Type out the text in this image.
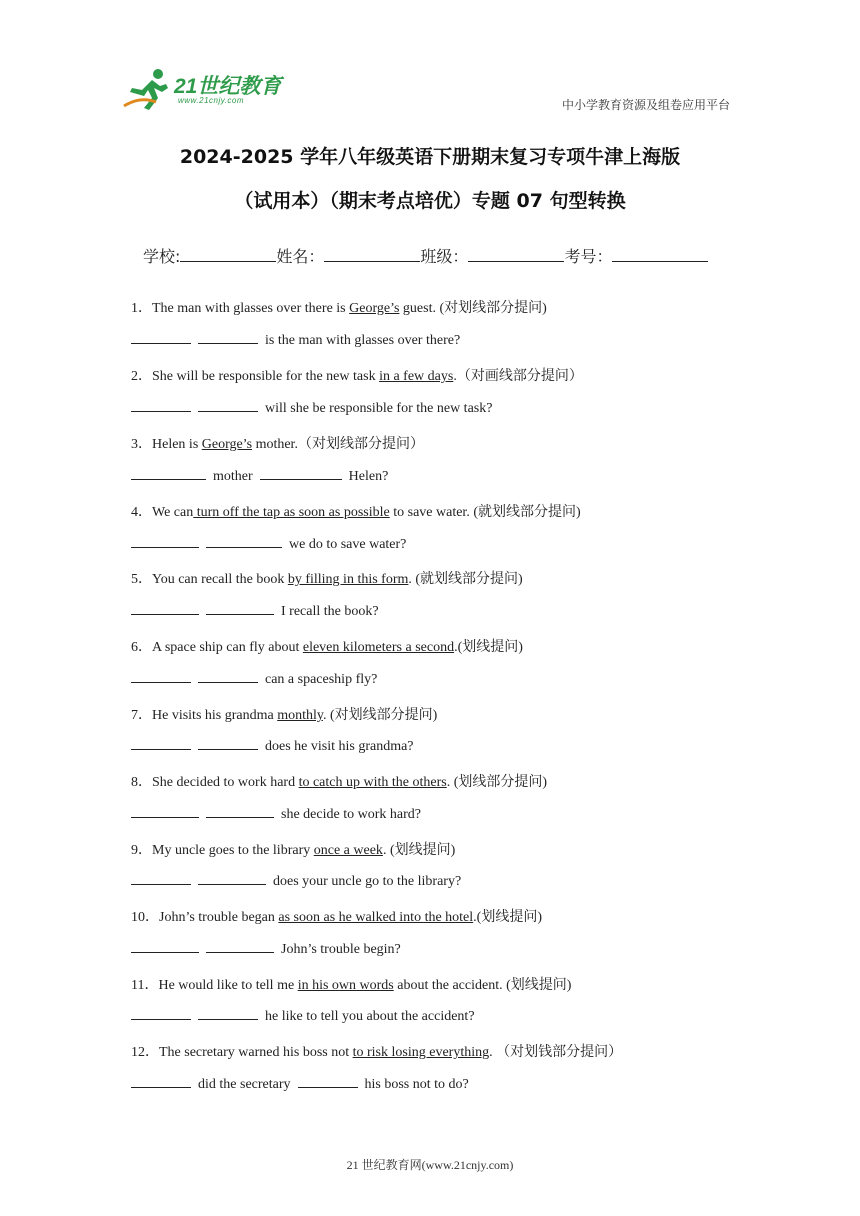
21世纪教育
www.21cnjy.com	中小学教育资源及组卷应用平台
2024-2025 学年八年级英语下册期末复习专项牛津上海版
（试用本）（期末考点培优）专题 07 句型转换
学校:	姓名：	班级：	考号：
1．The man with glasses over there is George’s guest. (对划线部分提问)
is the man with glasses over there?
2．She will be responsible for the new task in a few days.（对画线部分提问）
will she be responsible for the new task?
3．Helen is George’s mother.（对划线部分提问）
mother	Helen?
4．We can turn off the tap as soon as possible to save water. (就划线部分提问)
we do to save water?
5．You can recall the book by filling in this form. (就划线部分提问)
I recall the book?
6．A space ship can fly about eleven kilometers a second.(划线提问)
can a spaceship fly?
7．He visits his grandma monthly. (对划线部分提问)
does he visit his grandma?
8．She decided to work hard to catch up with the others. (划线部分提问)
she decide to work hard?
9．My uncle goes to the library once a week. (划线提问)
does your uncle go to the library?
10．John’s trouble began as soon as he walked into the hotel.(划线提问)
John’s trouble begin?
11．He would like to tell me in his own words about the accident. (划线提问)
he like to tell you about the accident?
12．The secretary warned his boss not to risk losing everything. （对划钱部分提问）
did the secretary	his boss not to do?
21 世纪教育网(www.21cnjy.com)
